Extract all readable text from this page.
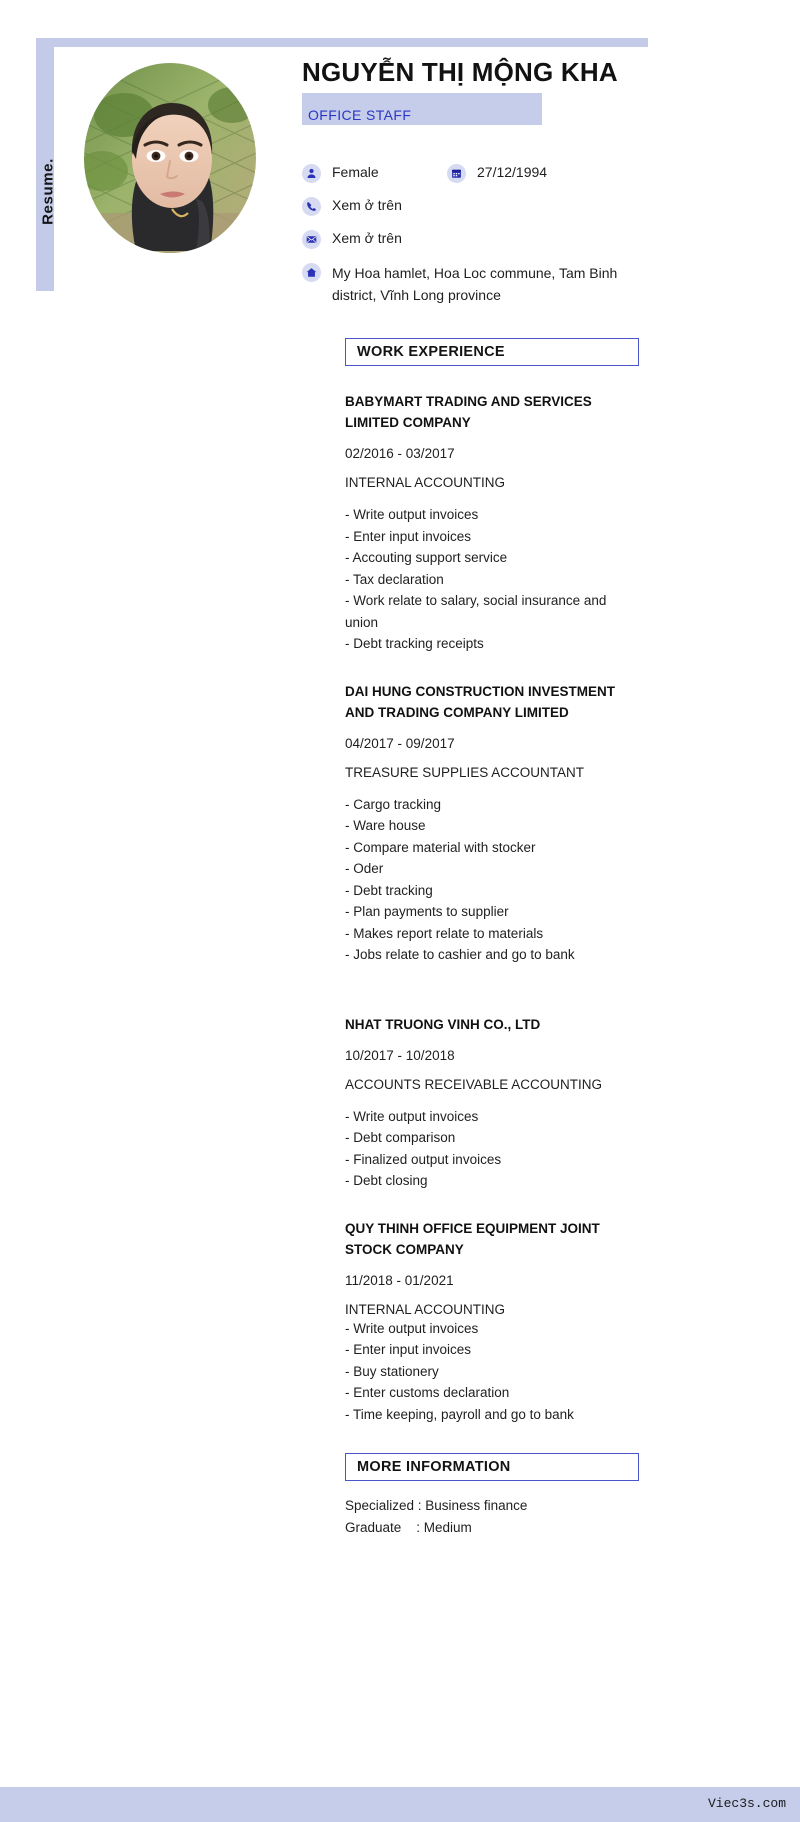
Resume.
NGUYỄN THỊ MỘNG KHA
OFFICE STAFF
Female	27/12/1994
Xem ở trên
Xem ở trên
My Hoa hamlet, Hoa Loc commune, Tam Binh district, Vĩnh Long province
WORK EXPERIENCE
BABYMART TRADING AND SERVICES LIMITED COMPANY
02/2016 - 03/2017
INTERNAL ACCOUNTING
- Write output invoices
- Enter input invoices
- Accouting support service
- Tax declaration
- Work relate to salary, social insurance and union
- Debt tracking receipts
DAI HUNG CONSTRUCTION INVESTMENT AND TRADING COMPANY LIMITED
04/2017 - 09/2017
TREASURE SUPPLIES ACCOUNTANT
- Cargo tracking
- Ware house
- Compare material with stocker
- Oder
- Debt tracking
- Plan payments to supplier
- Makes report relate to materials
- Jobs relate to cashier and go to bank
NHAT TRUONG VINH CO., LTD
10/2017 - 10/2018
ACCOUNTS RECEIVABLE ACCOUNTING
- Write output invoices
- Debt comparison
- Finalized output invoices
- Debt closing
QUY THINH OFFICE EQUIPMENT JOINT STOCK COMPANY
11/2018 - 01/2021
INTERNAL ACCOUNTING
- Write output invoices
- Enter input invoices
- Buy stationery
- Enter customs declaration
- Time keeping, payroll and go to bank
MORE INFORMATION
Specialized : Business finance
Graduate    : Medium
Viec3s.com
